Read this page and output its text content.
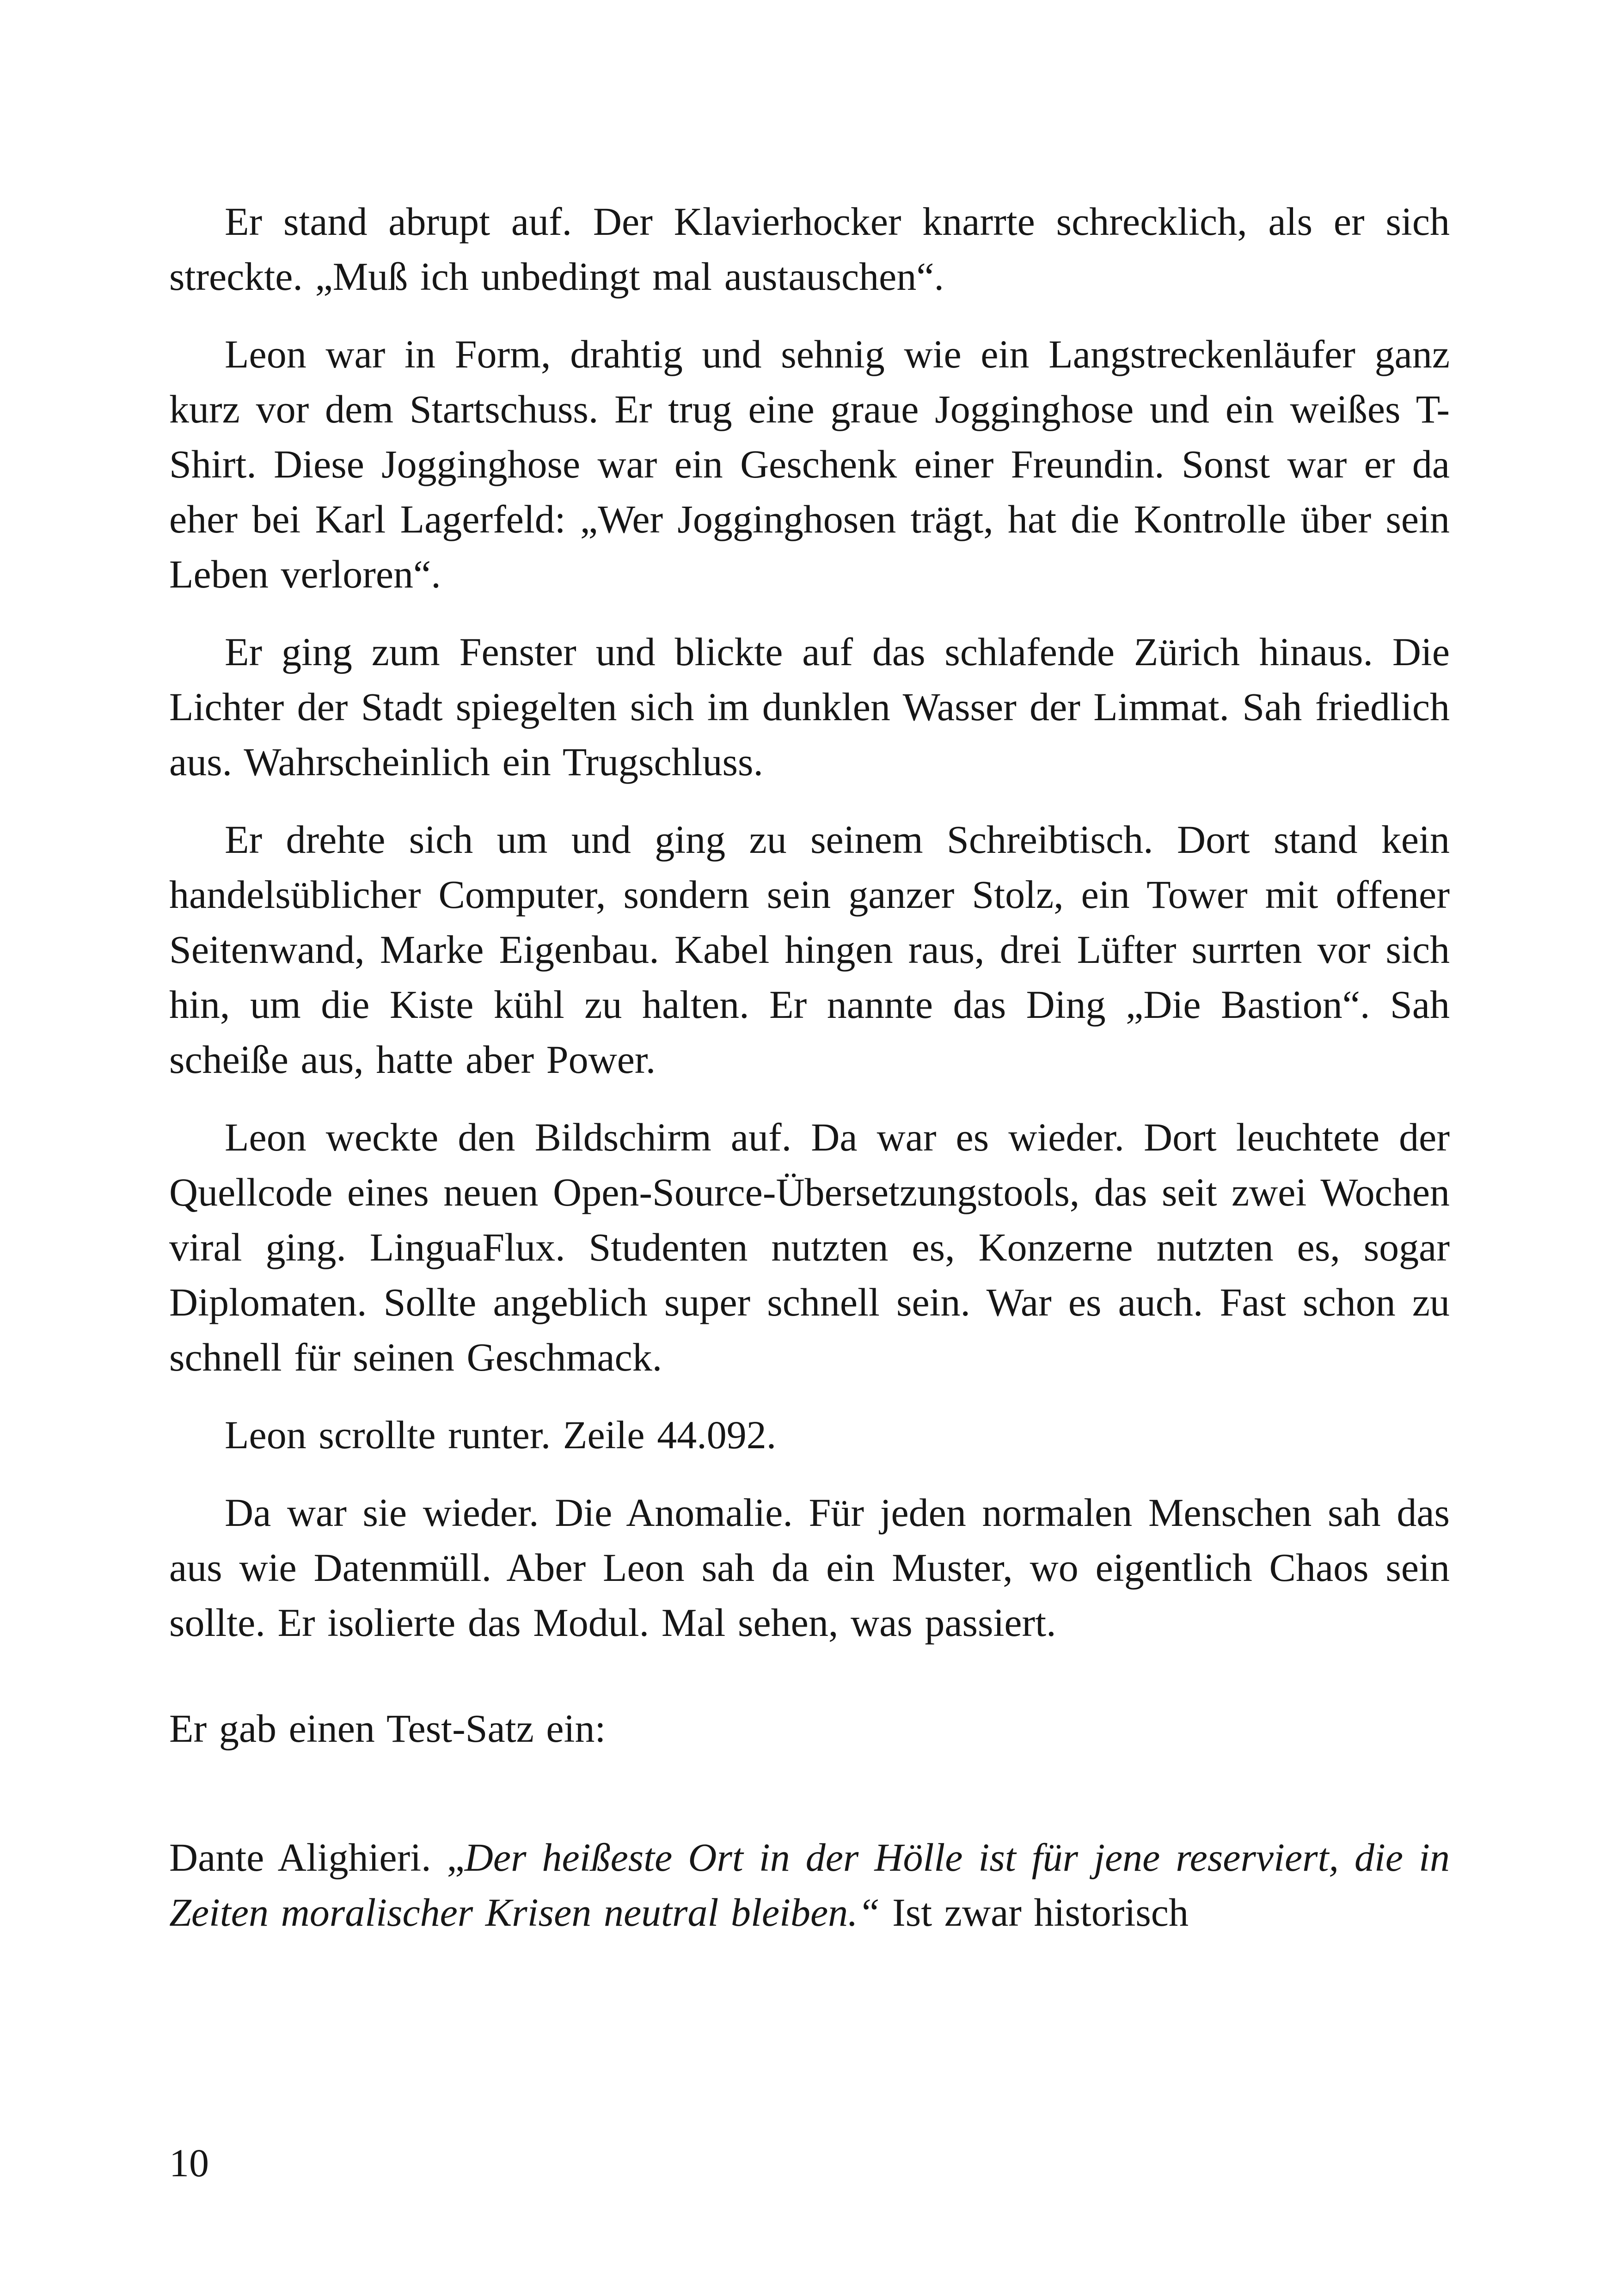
Er stand abrupt auf. Der Klavierhocker knarrte schrecklich, als er sich streckte. „Muß ich unbedingt mal austauschen“.

Leon war in Form, drahtig und sehnig wie ein Langstreckenläufer ganz kurz vor dem Startschuss. Er trug eine graue Jogginghose und ein weißes T-Shirt. Diese Jogginghose war ein Geschenk einer Freundin. Sonst war er da eher bei Karl Lagerfeld: „Wer Jogginghosen trägt, hat die Kontrolle über sein Leben verloren“.

Er ging zum Fenster und blickte auf das schlafende Zürich hinaus. Die Lichter der Stadt spiegelten sich im dunklen Wasser der Limmat. Sah friedlich aus. Wahrscheinlich ein Trugschluss.

Er drehte sich um und ging zu seinem Schreibtisch. Dort stand kein handelsüblicher Computer, sondern sein ganzer Stolz, ein Tower mit offener Seitenwand, Marke Eigenbau. Kabel hingen raus, drei Lüfter surrten vor sich hin, um die Kiste kühl zu halten. Er nannte das Ding „Die Bastion“. Sah scheiße aus, hatte aber Power.

Leon weckte den Bildschirm auf. Da war es wieder. Dort leuchtete der Quellcode eines neuen Open-Source-Übersetzungstools, das seit zwei Wochen viral ging. LinguaFlux. Studenten nutzten es, Konzerne nutzten es, sogar Diplomaten. Sollte angeblich super schnell sein. War es auch. Fast schon zu schnell für seinen Geschmack.

Leon scrollte runter. Zeile 44.092.

Da war sie wieder. Die Anomalie. Für jeden normalen Menschen sah das aus wie Datenmüll. Aber Leon sah da ein Muster, wo eigentlich Chaos sein sollte. Er isolierte das Modul. Mal sehen, was passiert.

Er gab einen Test-Satz ein:

Dante Alighieri. „Der heißeste Ort in der Hölle ist für jene reserviert, die in Zeiten moralischer Krisen neutral bleiben.“ Ist zwar historisch

10
